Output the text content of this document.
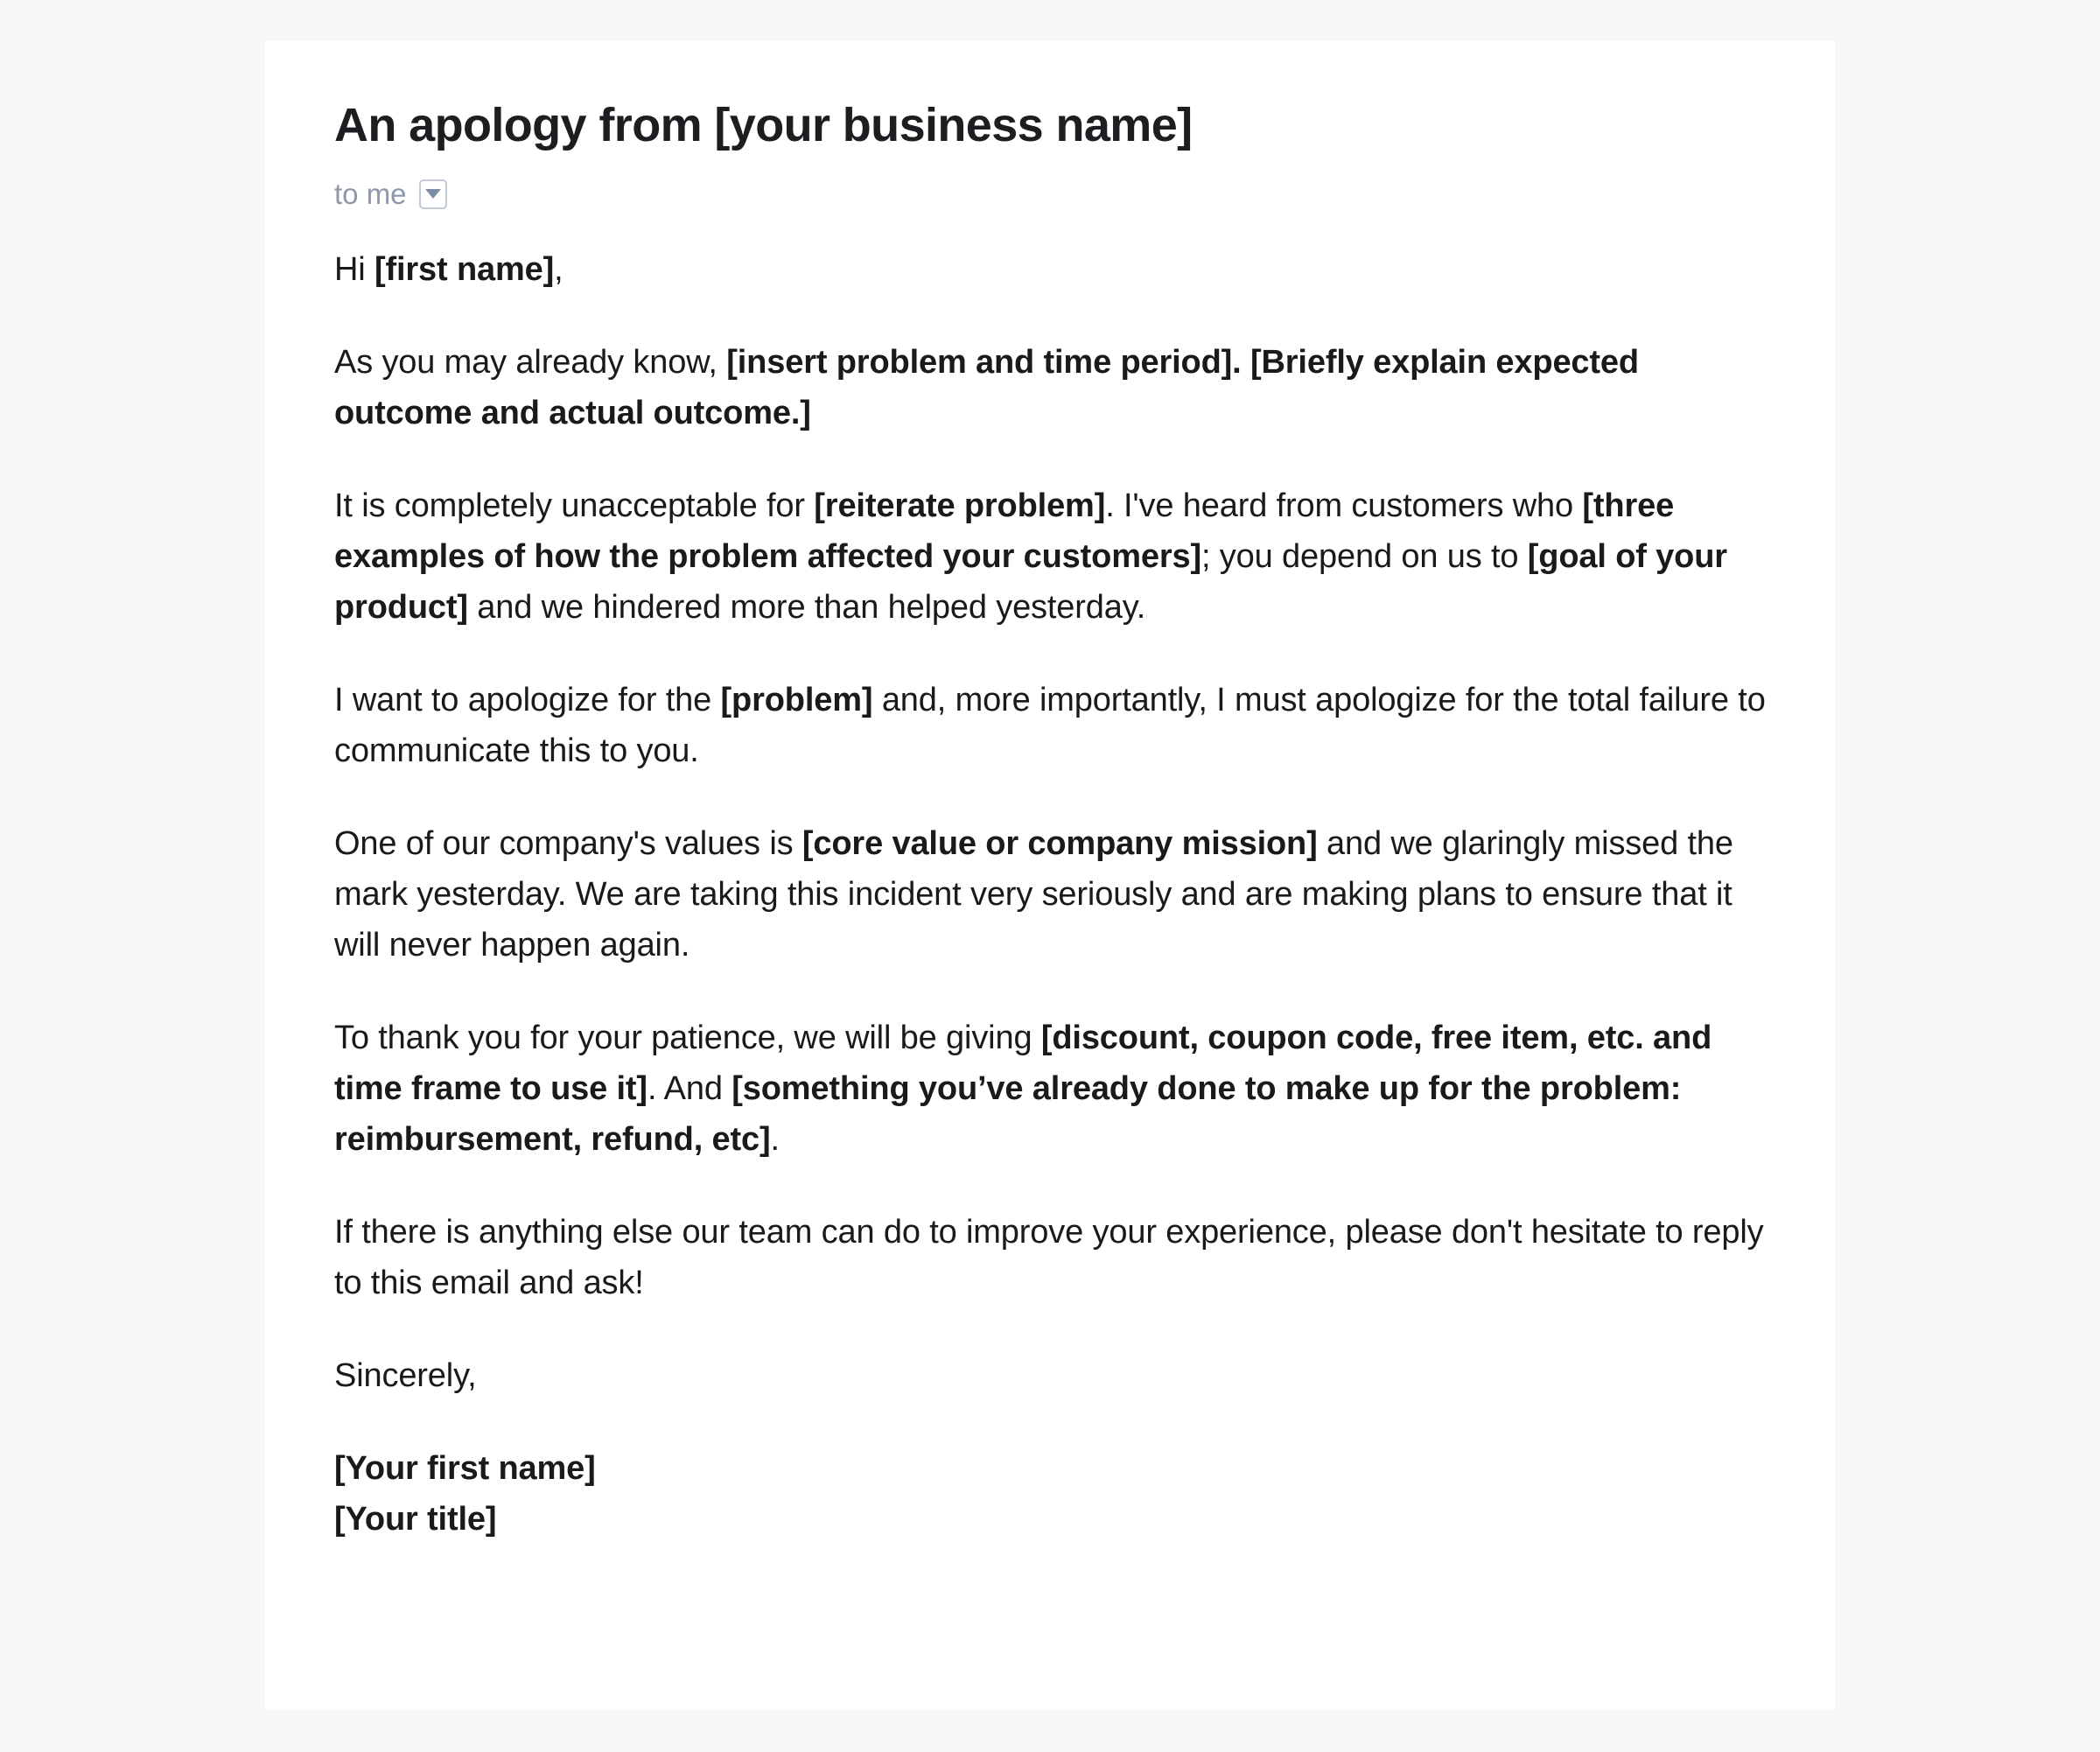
An apology from [your business name]
to me

Hi [first name],

As you may already know, [insert problem and time period]. [Briefly explain expected outcome and actual outcome.]

It is completely unacceptable for [reiterate problem]. I've heard from customers who [three examples of how the problem affected your customers]; you depend on us to [goal of your product] and we hindered more than helped yesterday.

I want to apologize for the [problem] and, more importantly, I must apologize for the total failure to communicate this to you.

One of our company's values is [core value or company mission] and we glaringly missed the mark yesterday. We are taking this incident very seriously and are making plans to ensure that it will never happen again.

To thank you for your patience, we will be giving [discount, coupon code, free item, etc. and time frame to use it]. And [something you’ve already done to make up for the problem: reimbursement, refund, etc].

If there is anything else our team can do to improve your experience, please don't hesitate to reply to this email and ask!

Sincerely,

[Your first name]
[Your title]
